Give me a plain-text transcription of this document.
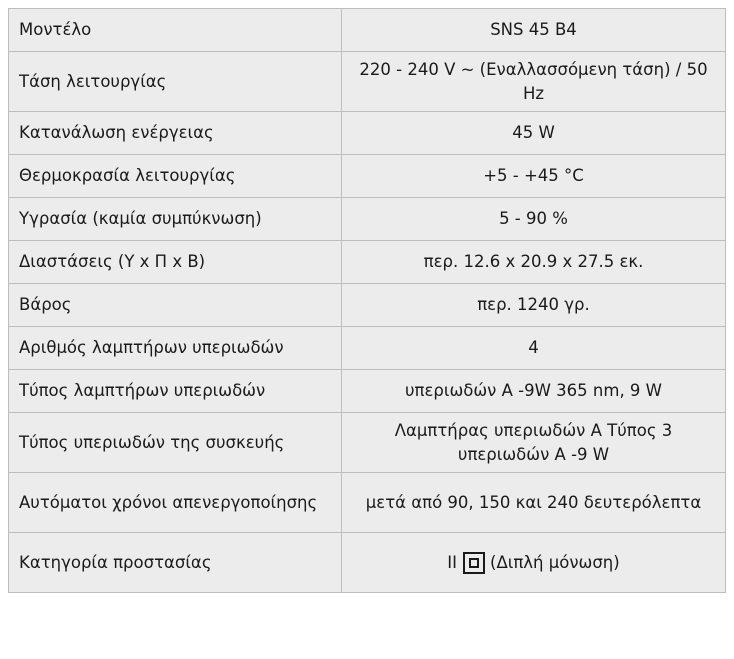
Μοντέλο	SNS 45 B4
Τάση λειτουργίας	220 - 240 V ~ (Εναλλασσόμενη τάση) / 50 Hz
Κατανάλωση ενέργειας	45 W
Θερμοκρασία λειτουργίας	+5 - +45 °C
Υγρασία (καμία συμπύκνωση)	5 - 90 %
Διαστάσεις (Y x Π x Β)	περ. 12.6 x 20.9 x 27.5 εκ.
Βάρος	περ. 1240 γρ.
Αριθμός λαμπτήρων υπεριωδών	4
Τύπος λαμπτήρων υπεριωδών	υπεριωδών A -9W 365 nm, 9 W
Τύπος υπεριωδών της συσκευής	Λαμπτήρας υπεριωδών A Τύπος 3 υπεριωδών A -9 W
Αυτόματοι χρόνοι απενεργοποίησης	μετά από 90, 150 και 240 δευτερόλεπτα
Κατηγορία προστασίας	II (Διπλή μόνωση)
